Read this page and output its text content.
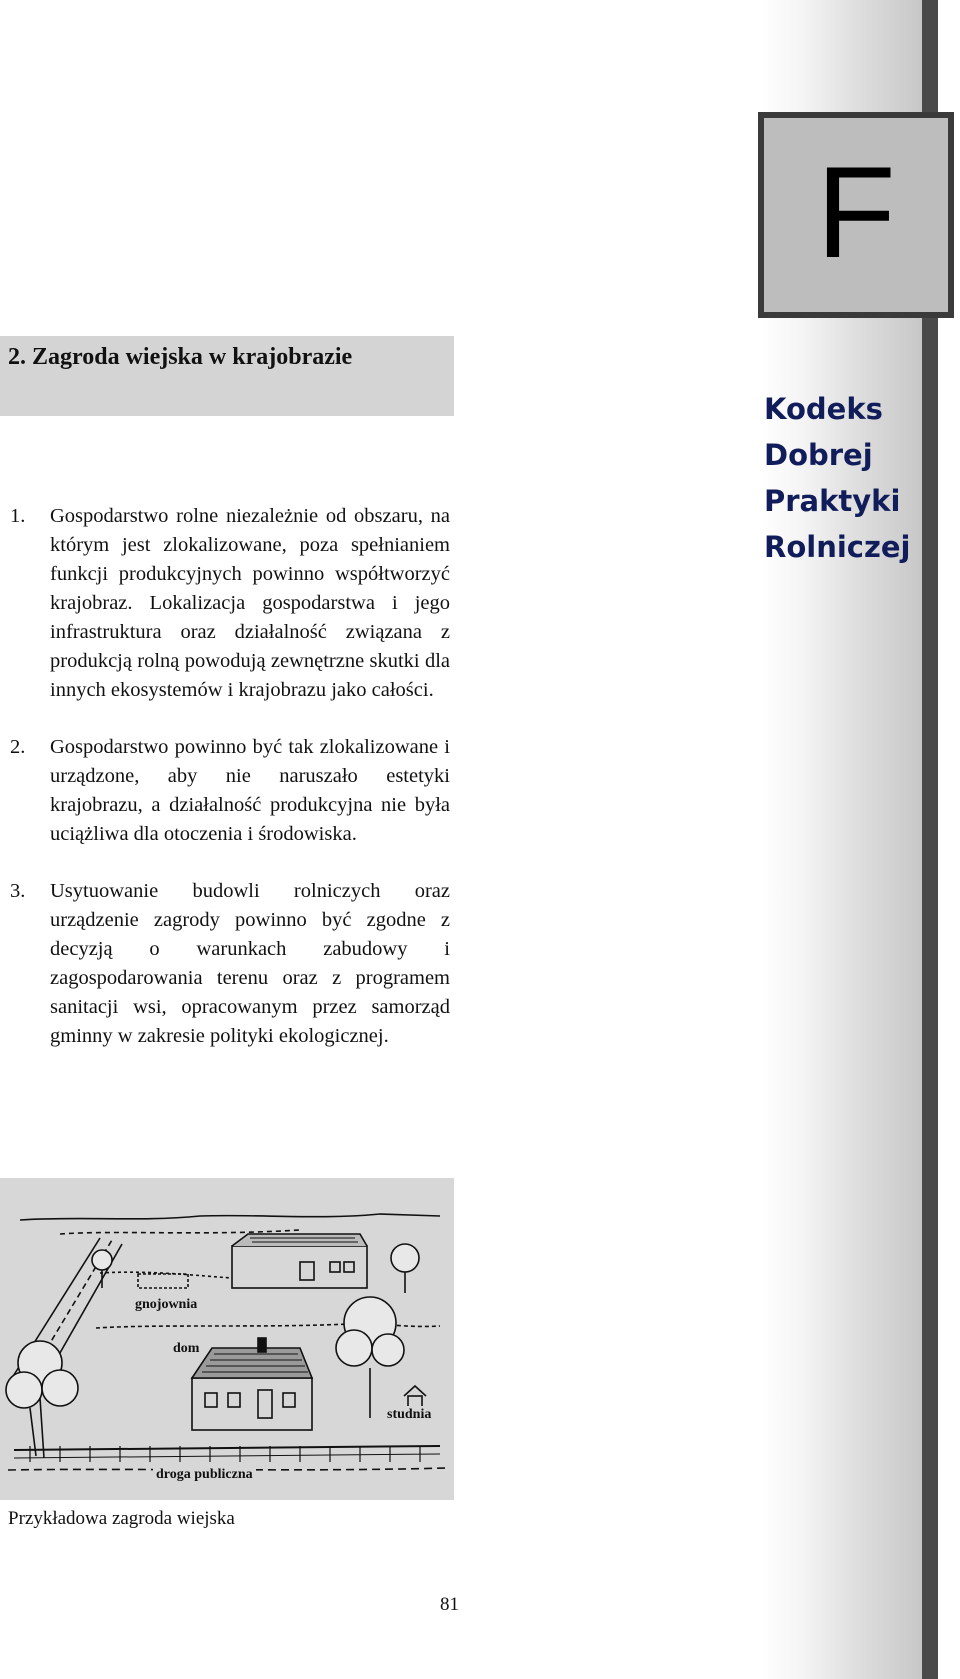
F
Kodeks
Dobrej
Praktyki
Rolniczej
2. Zagroda wiejska w krajobrazie
1.	Gospodarstwo rolne niezależnie od obszaru, na którym jest zlokalizowane, poza spełnianiem funkcji produkcyjnych powinno współtworzyć krajobraz. Lokalizacja gospodarstwa i jego infrastruktura oraz działalność związana z produkcją rolną powodują zewnętrzne skutki dla innych ekosystemów i krajobrazu jako całości.
2.	Gospodarstwo powinno być tak zlokalizowane i urządzone, aby nie naruszało estetyki krajobrazu, a działalność produkcyjna nie była uciążliwa dla otoczenia i środowiska.
3.	Usytuowanie budowli rolniczych oraz urządzenie zagrody powinno być zgodne z decyzją o warunkach zabudowy i zagospodarowania terenu oraz z programem sanitacji wsi, opracowanym przez samorząd gminny w zakresie polityki ekologicznej.
gnojownia
dom
studnia
droga publiczna
Przykładowa zagroda wiejska
81
